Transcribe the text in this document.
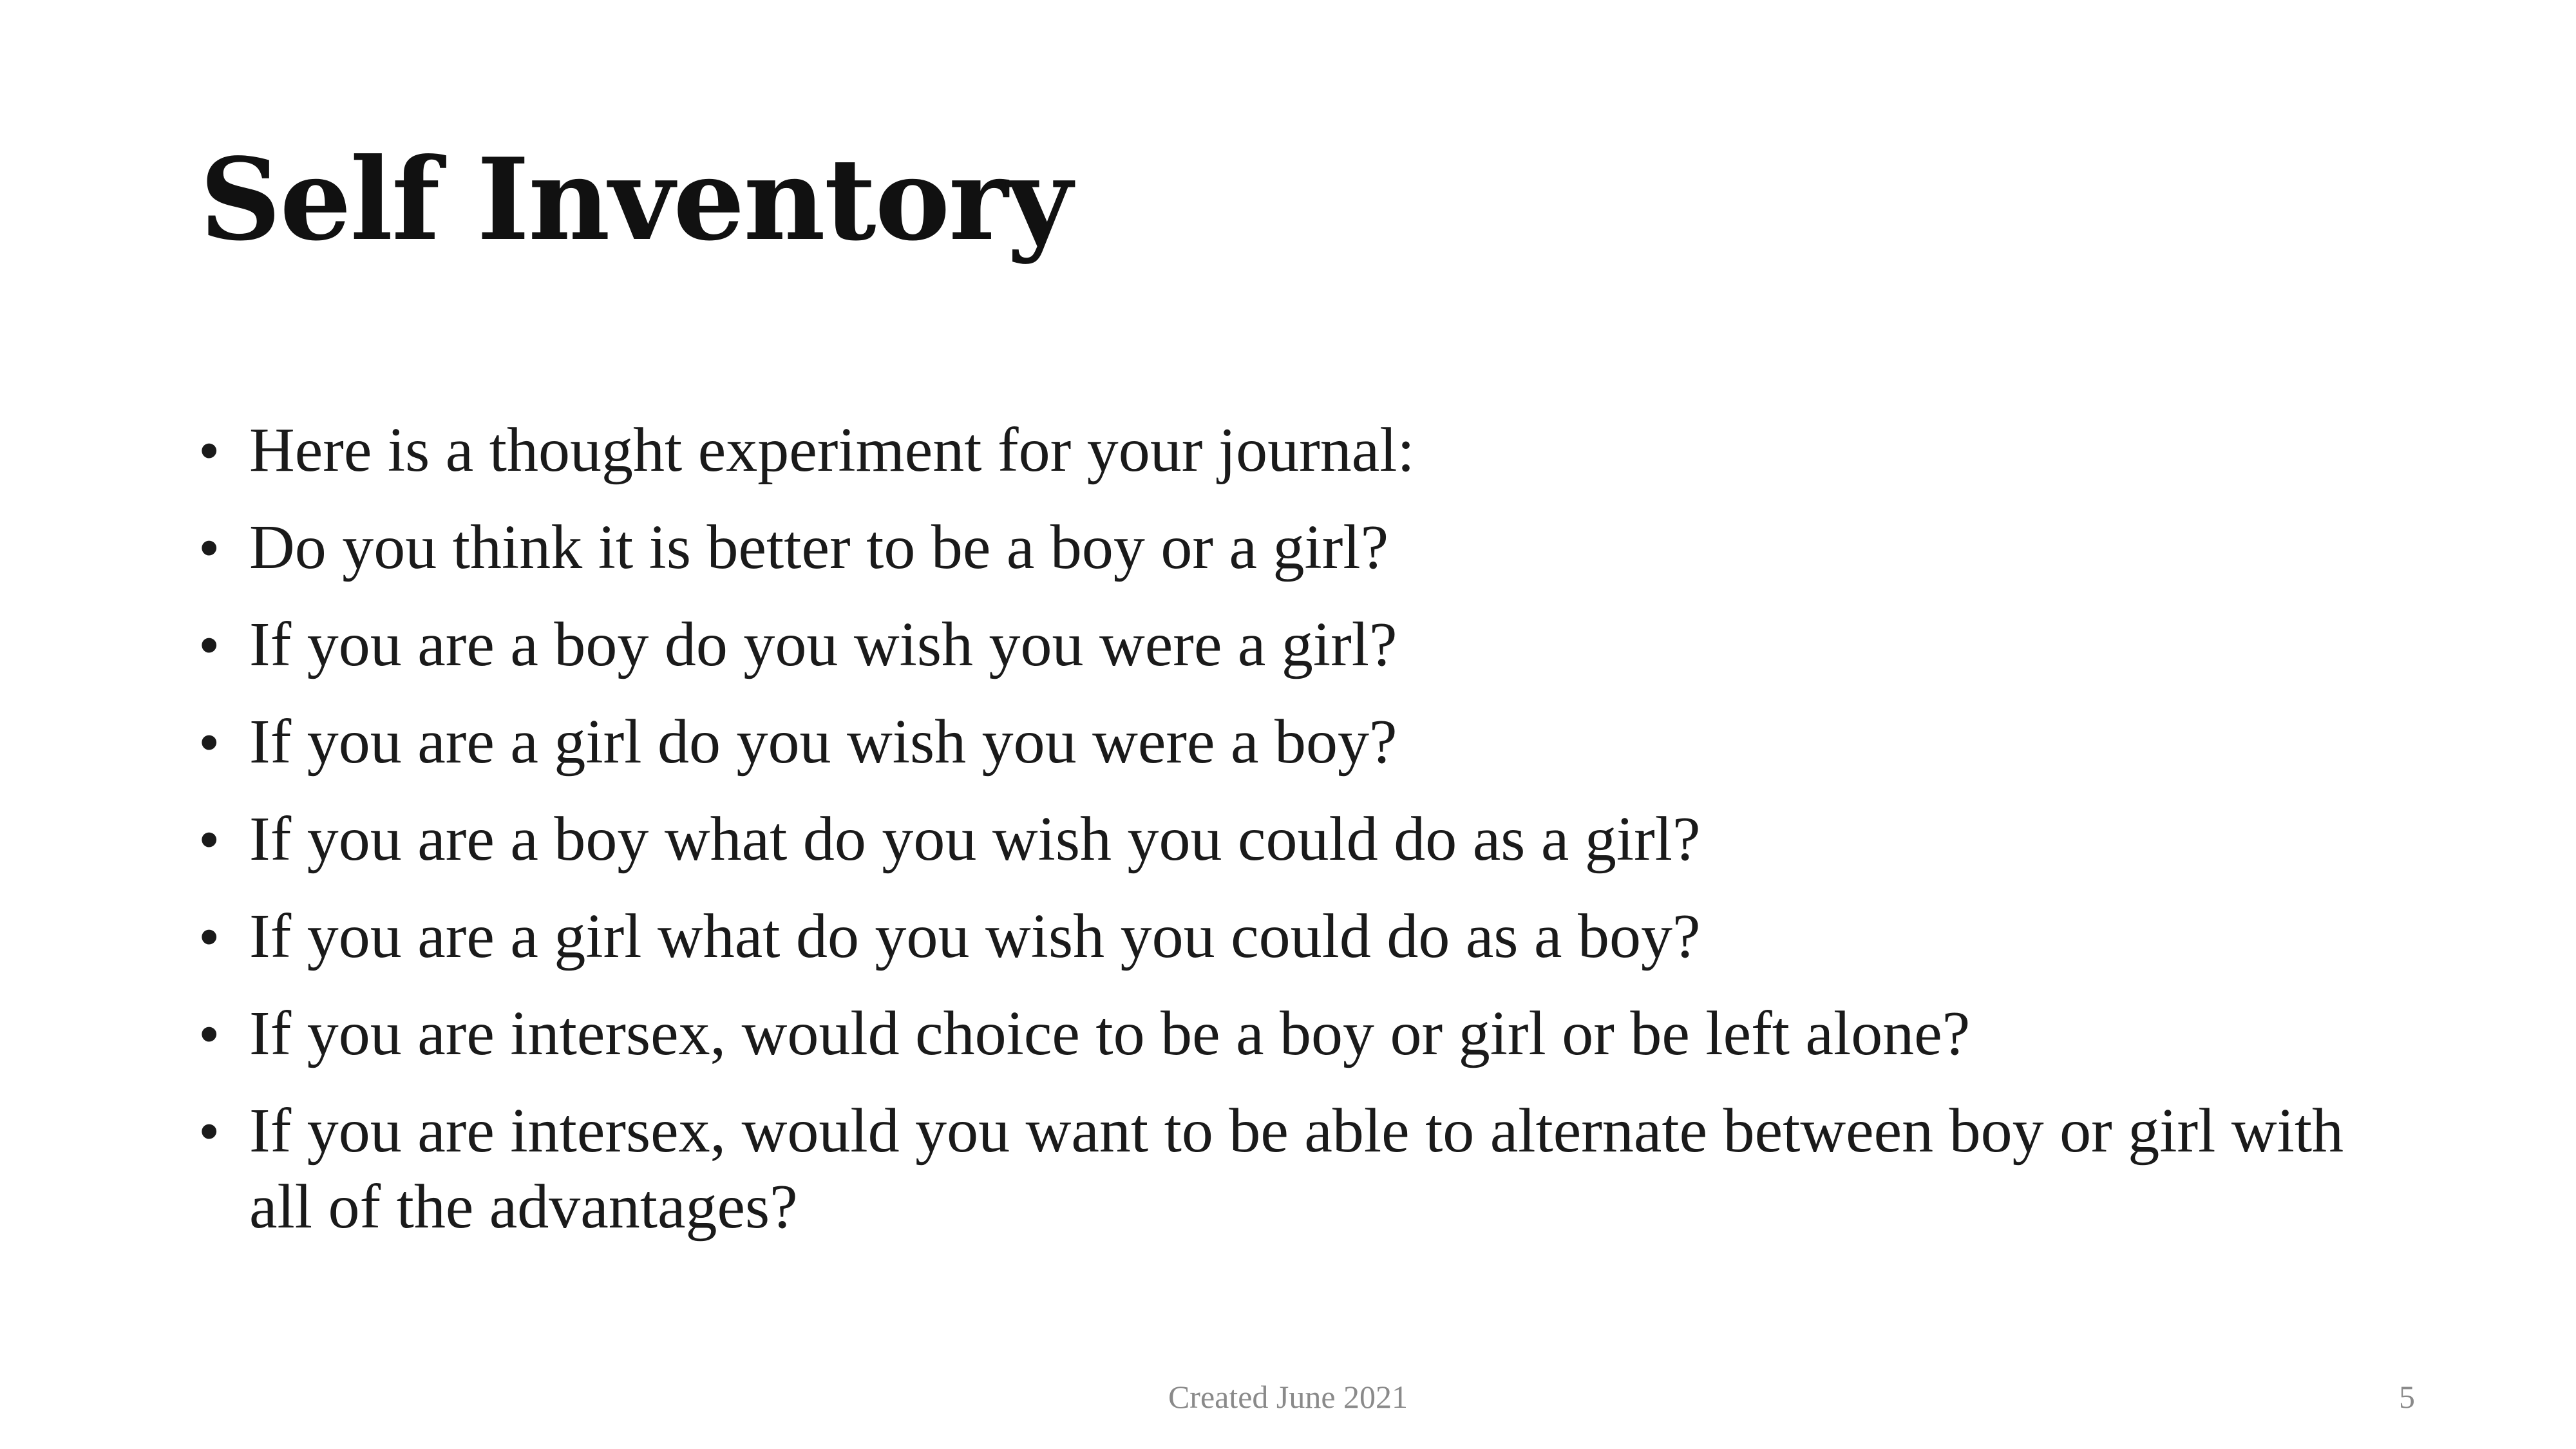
Self Inventory
• Here is a thought experiment for your journal:
• Do you think it is better to be a boy or a girl?
• If you are a boy do you wish you were a girl?
• If you are a girl do you wish you were a boy?
• If you are a boy what do you wish you could do as a girl?
• If you are a girl what do you wish you could do as a boy?
• If you are intersex, would choice to be a boy or girl or be left alone?
• If you are intersex, would you want to be able to alternate between boy or girl with all of the advantages?
Created June 2021	5
